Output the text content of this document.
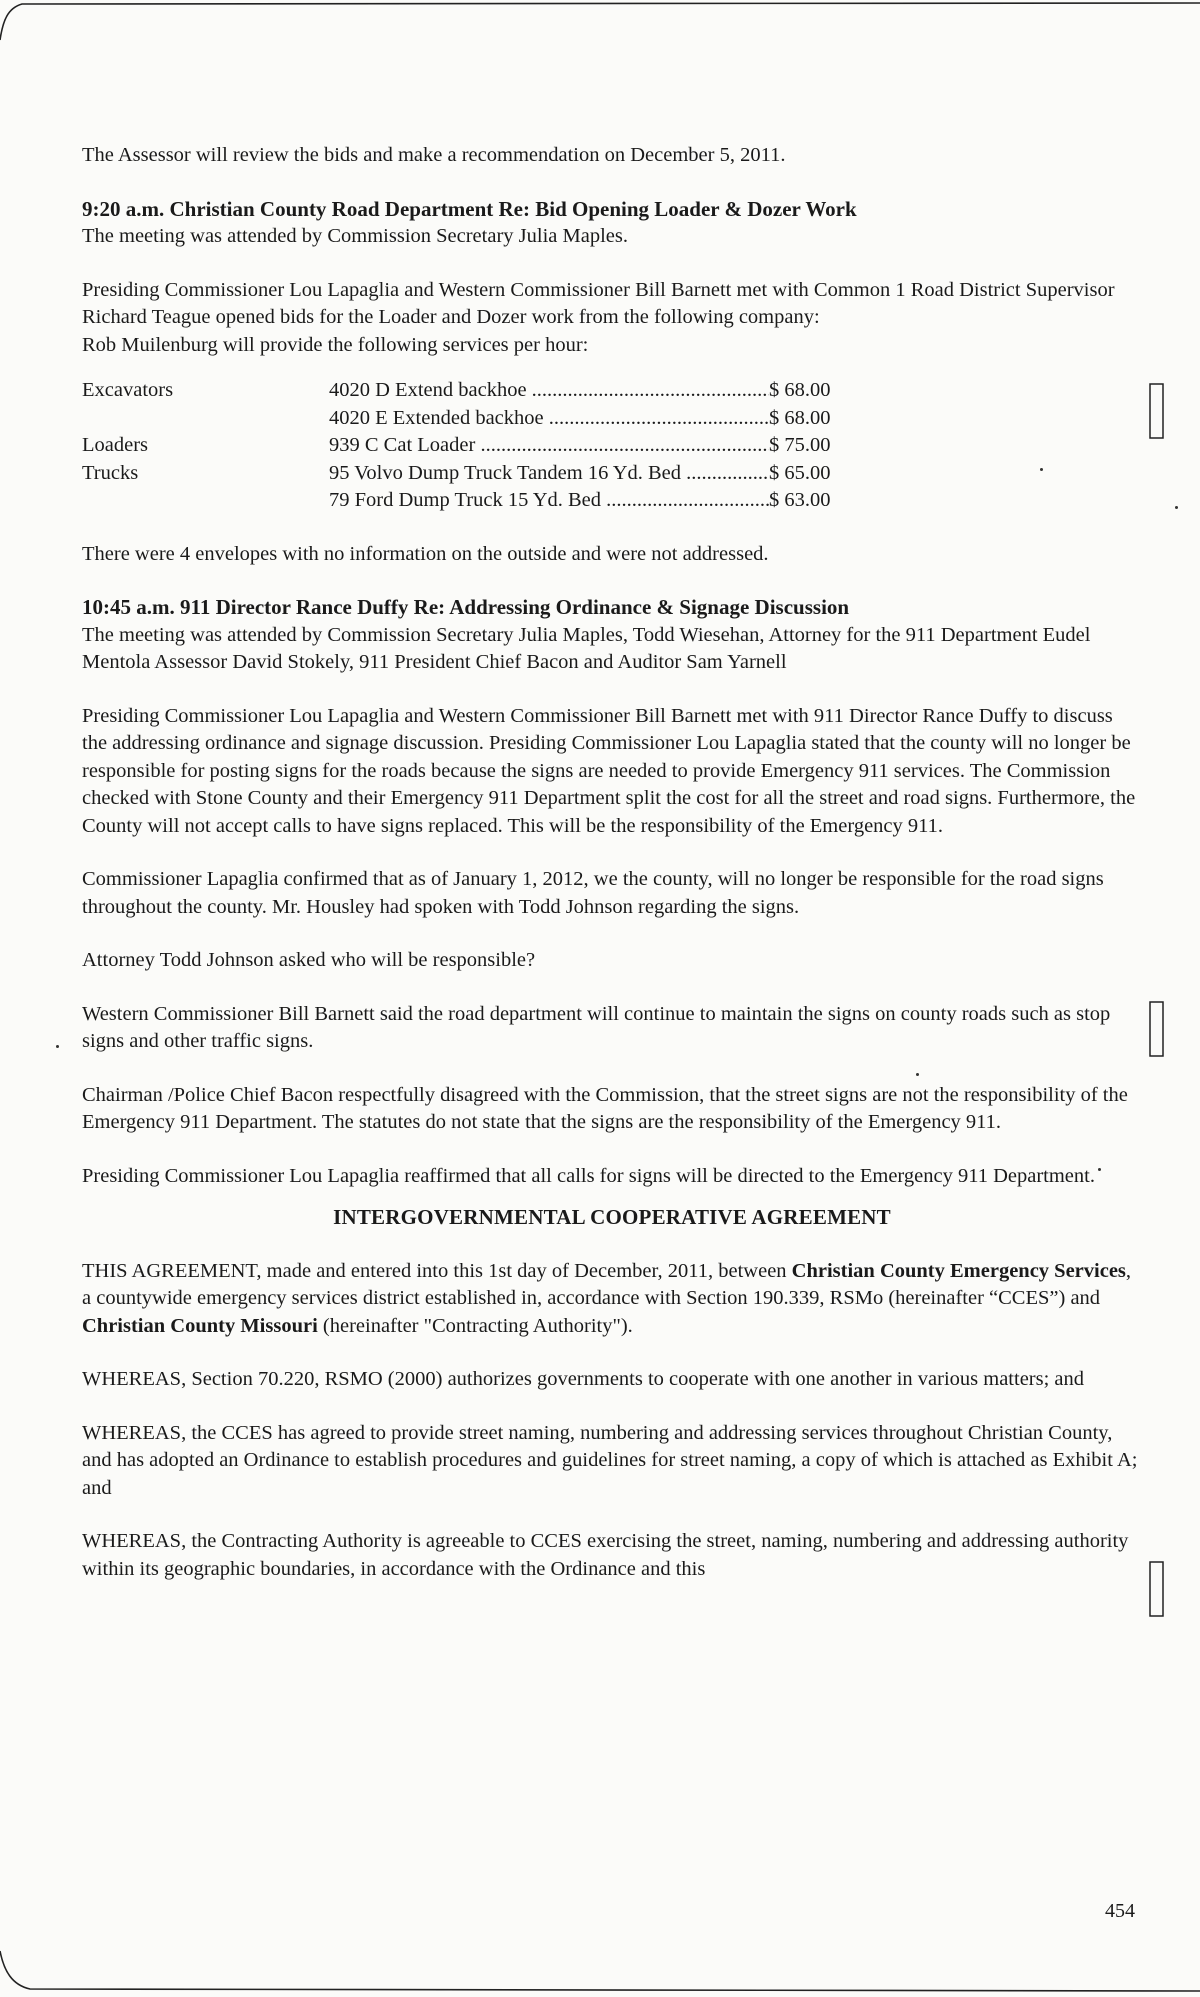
The Assessor will review the bids and make a recommendation on December 5, 2011.

9:20 a.m. Christian County Road Department Re: Bid Opening Loader & Dozer Work

The meeting was attended by Commission Secretary Julia Maples.

Presiding Commissioner Lou Lapaglia and Western Commissioner Bill Barnett met with Common 1 Road District Supervisor Richard Teague opened bids for the Loader and Dozer work from the following company:

Rob Muilenburg will provide the following services per hour:

Excavators	4020 D Extend backhoe .....	$ 68.00

	4020 E Extended backhoe .....	$ 68.00
Loaders	939 C Cat Loader .....	$ 75.00
Trucks	95 Volvo Dump Truck Tandem 16 Yd. Bed .....	$ 65.00

	79 Ford Dump Truck 15 Yd. Bed .....	$ 63.00

There were 4 envelopes with no information on the outside and were not addressed.

10:45 a.m. 911 Director Rance Duffy Re: Addressing Ordinance & Signage Discussion

The meeting was attended by Commission Secretary Julia Maples, Todd Wiesehan, Attorney for the 911 Department Eudel Mentola Assessor David Stokely, 911 President Chief Bacon and Auditor Sam Yarnell

Presiding Commissioner Lou Lapaglia and Western Commissioner Bill Barnett met with 911 Director Rance Duffy to discuss the addressing ordinance and signage discussion. Presiding Commissioner Lou Lapaglia stated that the county will no longer be responsible for posting signs for the roads because the signs are needed to provide Emergency 911 services. The Commission checked with Stone County and their Emergency 911 Department split the cost for all the street and road signs. Furthermore, the County will not accept calls to have signs replaced. This will be the responsibility of the Emergency 911.

Commissioner Lapaglia confirmed that as of January 1, 2012, we the county, will no longer be responsible for the road signs throughout the county. Mr. Housley had spoken with Todd Johnson regarding the signs.

Attorney Todd Johnson asked who will be responsible?

Western Commissioner Bill Barnett said the road department will continue to maintain the signs on county roads such as stop signs and other traffic signs.

Chairman /Police Chief Bacon respectfully disagreed with the Commission, that the street signs are not the responsibility of the Emergency 911 Department. The statutes do not state that the signs are the responsibility of the Emergency 911.

Presiding Commissioner Lou Lapaglia reaffirmed that all calls for signs will be directed to the Emergency 911 Department.

INTERGOVERNMENTAL COOPERATIVE AGREEMENT

THIS AGREEMENT, made and entered into this 1st day of December, 2011, between Christian County Emergency Services, a countywide emergency services district established in, accordance with Section 190.339, RSMo (hereinafter “CCES”) and Christian County Missouri (hereinafter "Contracting Authority").

WHEREAS, Section 70.220, RSMO (2000) authorizes governments to cooperate with one another in various matters; and

WHEREAS, the CCES has agreed to provide street naming, numbering and addressing services throughout Christian County, and has adopted an Ordinance to establish procedures and guidelines for street naming, a copy of which is attached as Exhibit A; and

WHEREAS, the Contracting Authority is agreeable to CCES exercising the street, naming, numbering and addressing authority within its geographic boundaries, in accordance with the Ordinance and this

454
